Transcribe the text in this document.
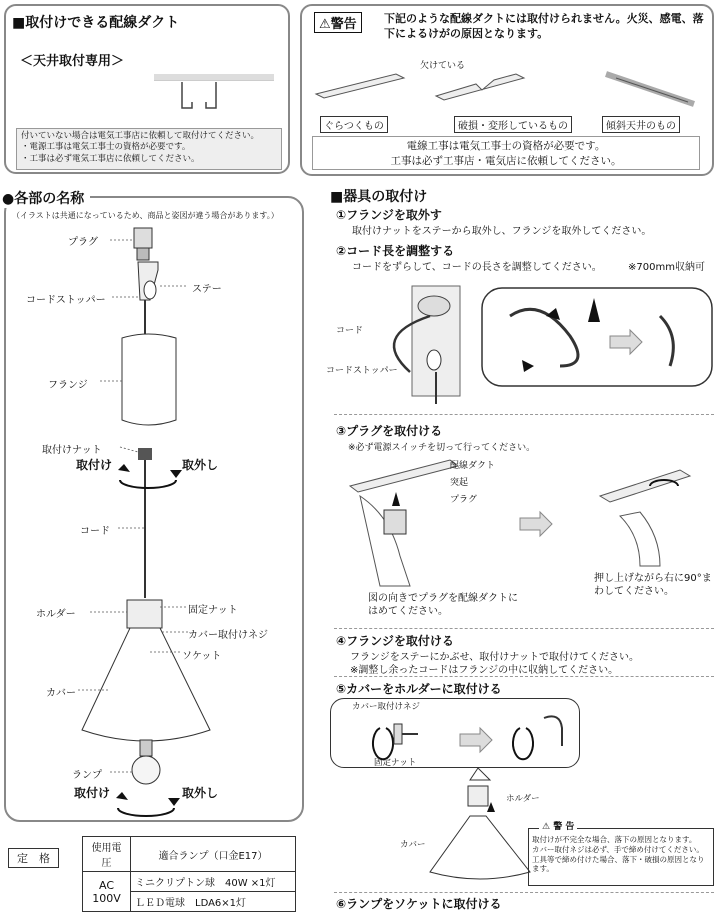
■取付けできる配線ダクト
＜天井取付専用＞
付いていない場合は電気工事店に依頼して取付けてください。
・電源工事は電気工事士の資格が必要です。
・工事は必ず電気工事店に依頼してください。
⚠警告	下記のような配線ダクトには取付けられません。火災、感電、落下によるけがの原因となります。
欠けている
ぐらつくもの	破損・変形しているもの	傾斜天井のもの
電線工事は電気工事士の資格が必要です。
工事は必ず工事店・電気店に依頼してください。
●各部の名称
（イラストは共通になっているため、商品と姿図が違う場合があります。）
プラグ
ステー
コードストッパー
フランジ
取付けナット
取付け	取外し
コード
ホルダー	固定ナット
カバー取付けネジ
ソケット
カバー
ランプ
取付け	取外し
定　格
使用電圧	適合ランプ（口金E17）
AC
100V	ミニクリプトン球　40W ×1灯
	ＬＥＤ電球　LDA6×1灯
■器具の取付け
①フランジを取外す
取付けナットをステーから取外し、フランジを取外してください。
②コード長を調整する
コードをずらして、コードの長さを調整してください。	※700mm収納可
コード
コードストッパー
③プラグを取付ける
※必ず電源スイッチを切って行ってください。
配線ダクト
突起
プラグ
図の向きでプラグを配線ダクトにはめてください。
押し上げながら右に90°まわしてください。
④フランジを取付ける
フランジをステーにかぶせ、取付けナットで取付けてください。
※調整し余ったコードはフランジの中に収納してください。
⑤カバーをホルダーに取付ける
カバー取付けネジ
固定ナット
ホルダー
カバー
⚠ 警 告
取付けが不完全な場合、落下の原因となります。
カバー取付ネジは必ず、手で締め付けてください。工具等で締め付けた場合、落下・破損の原因となります。
⑥ランプをソケットに取付ける
